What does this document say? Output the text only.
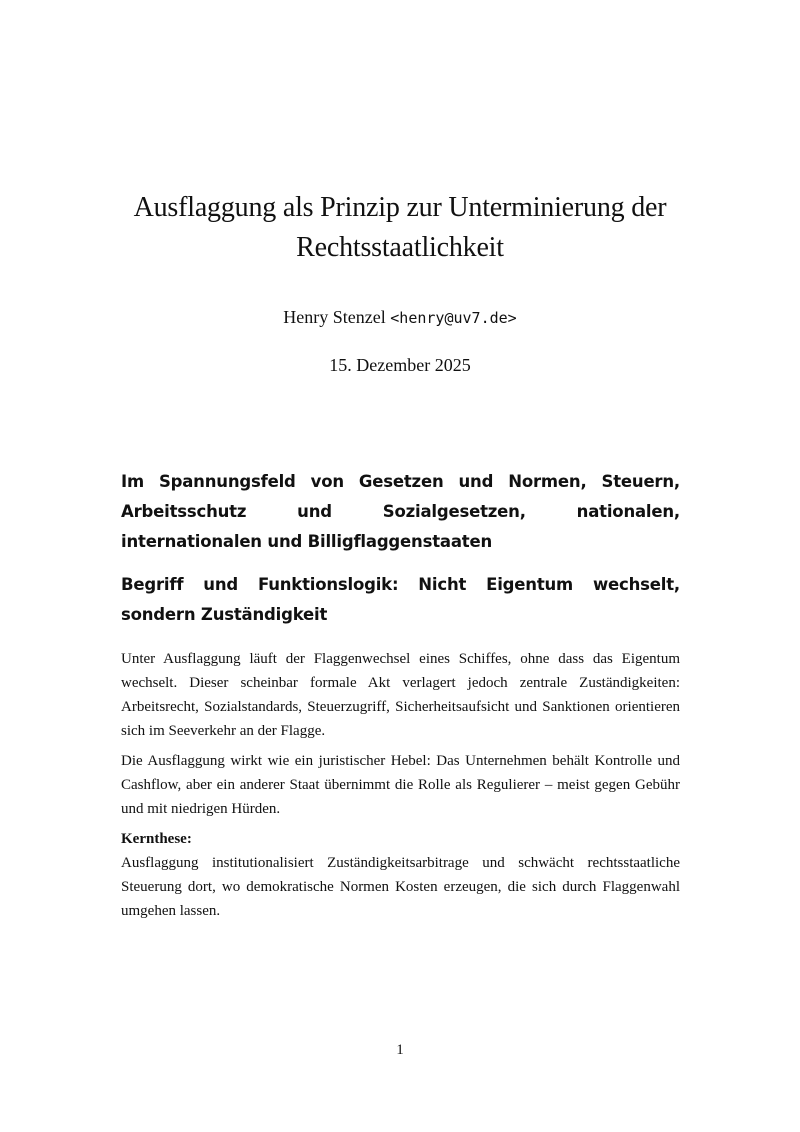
Ausflaggung als Prinzip zur Unterminierung der Rechtsstaatlichkeit
Henry Stenzel <henry@uv7.de>
15. Dezember 2025
Im Spannungsfeld von Gesetzen und Normen, Steuern, Arbeitsschutz und Sozialgesetzen, nationalen, internationalen und Billigflaggenstaaten
Begriff und Funktionslogik: Nicht Eigentum wechselt, sondern Zuständigkeit

Unter Ausflaggung läuft der Flaggenwechsel eines Schiffes, ohne dass das Eigentum wechselt. Dieser scheinbar formale Akt verlagert jedoch zentrale Zuständigkeiten: Arbeitsrecht, Sozialstandards, Steuerzugriff, Sicherheitsaufsicht und Sanktionen orientieren sich im Seeverkehr an der Flagge.

Die Ausflaggung wirkt wie ein juristischer Hebel: Das Unternehmen behält Kontrolle und Cashflow, aber ein anderer Staat übernimmt die Rolle als Regulierer – meist gegen Gebühr und mit niedrigen Hürden.

Kernthese:

Ausflaggung institutionalisiert Zuständigkeitsarbitrage und schwächt rechtsstaatliche Steuerung dort, wo demokratische Normen Kosten erzeugen, die sich durch Flaggenwahl umgehen lassen.

1
